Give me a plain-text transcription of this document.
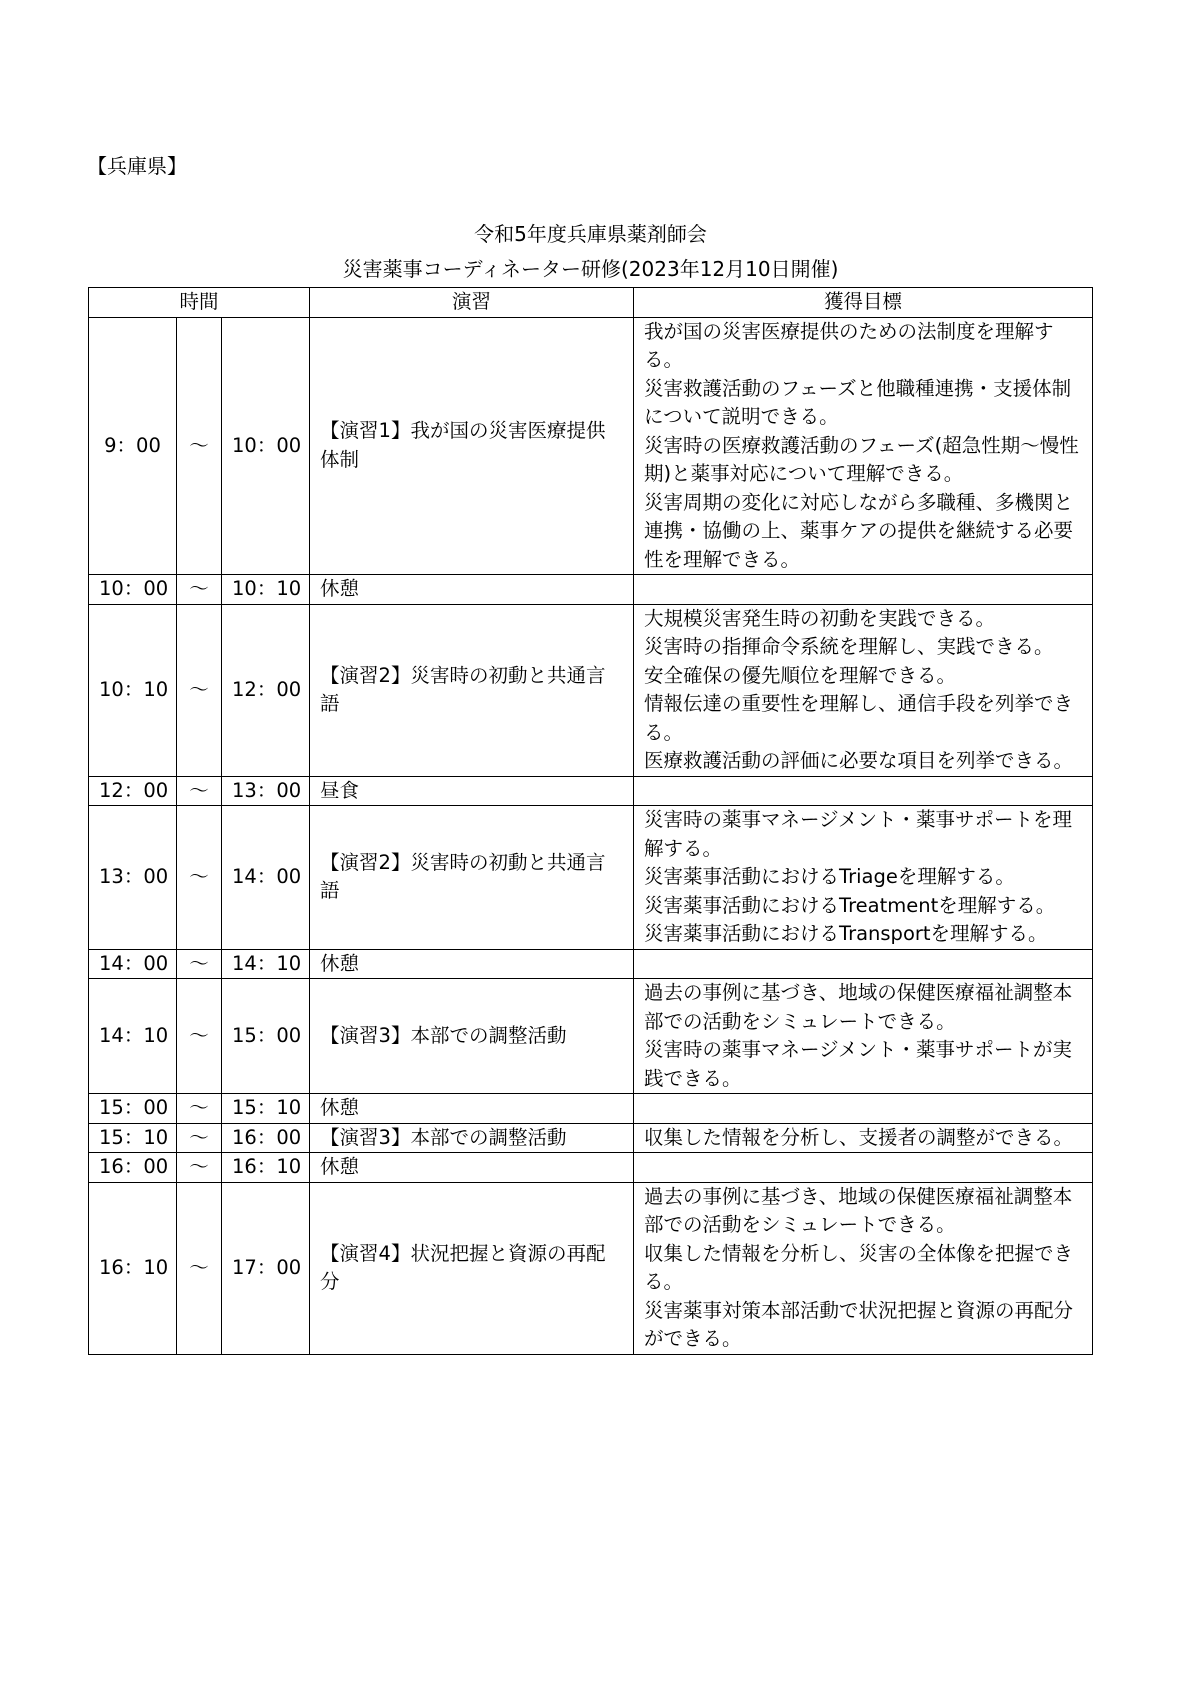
【兵庫県】
令和5年度兵庫県薬剤師会
災害薬事コーディネーター研修(2023年12月10日開催)
時間			演習	獲得目標
9：00	～	10：00	【演習1】我が国の災害医療提供体制	我が国の災害医療提供のための法制度を理解する。
災害救護活動のフェーズと他職種連携・支援体制について説明できる。
災害時の医療救護活動のフェーズ(超急性期～慢性期)と薬事対応について理解できる。
災害周期の変化に対応しながら多職種、多機関と連携・協働の上、薬事ケアの提供を継続する必要性を理解できる。

10：00	～	10：10	休憩	
10：10	～	12：00	【演習2】災害時の初動と共通言語	大規模災害発生時の初動を実践できる。
災害時の指揮命令系統を理解し、実践できる。
安全確保の優先順位を理解できる。
情報伝達の重要性を理解し、通信手段を列挙できる。
医療救護活動の評価に必要な項目を列挙できる。

12：00	～	13：00	昼食	
13：00	～	14：00	【演習2】災害時の初動と共通言語	災害時の薬事マネージメント・薬事サポートを理解する。
災害薬事活動におけるTriageを理解する。
災害薬事活動におけるTreatmentを理解する。
災害薬事活動におけるTransportを理解する。

14：00	～	14：10	休憩	
14：10	～	15：00	【演習3】本部での調整活動	過去の事例に基づき、地域の保健医療福祉調整本部での活動をシミュレートできる。
災害時の薬事マネージメント・薬事サポートが実践できる。

15：00	～	15：10	休憩	
15：10	～	16：00	【演習3】本部での調整活動	収集した情報を分析し、支援者の調整ができる。

16：00	～	16：10	休憩	
16：10	～	17：00	【演習4】状況把握と資源の再配分	過去の事例に基づき、地域の保健医療福祉調整本部での活動をシミュレートできる。
収集した情報を分析し、災害の全体像を把握できる。
災害薬事対策本部活動で状況把握と資源の再配分ができる。
